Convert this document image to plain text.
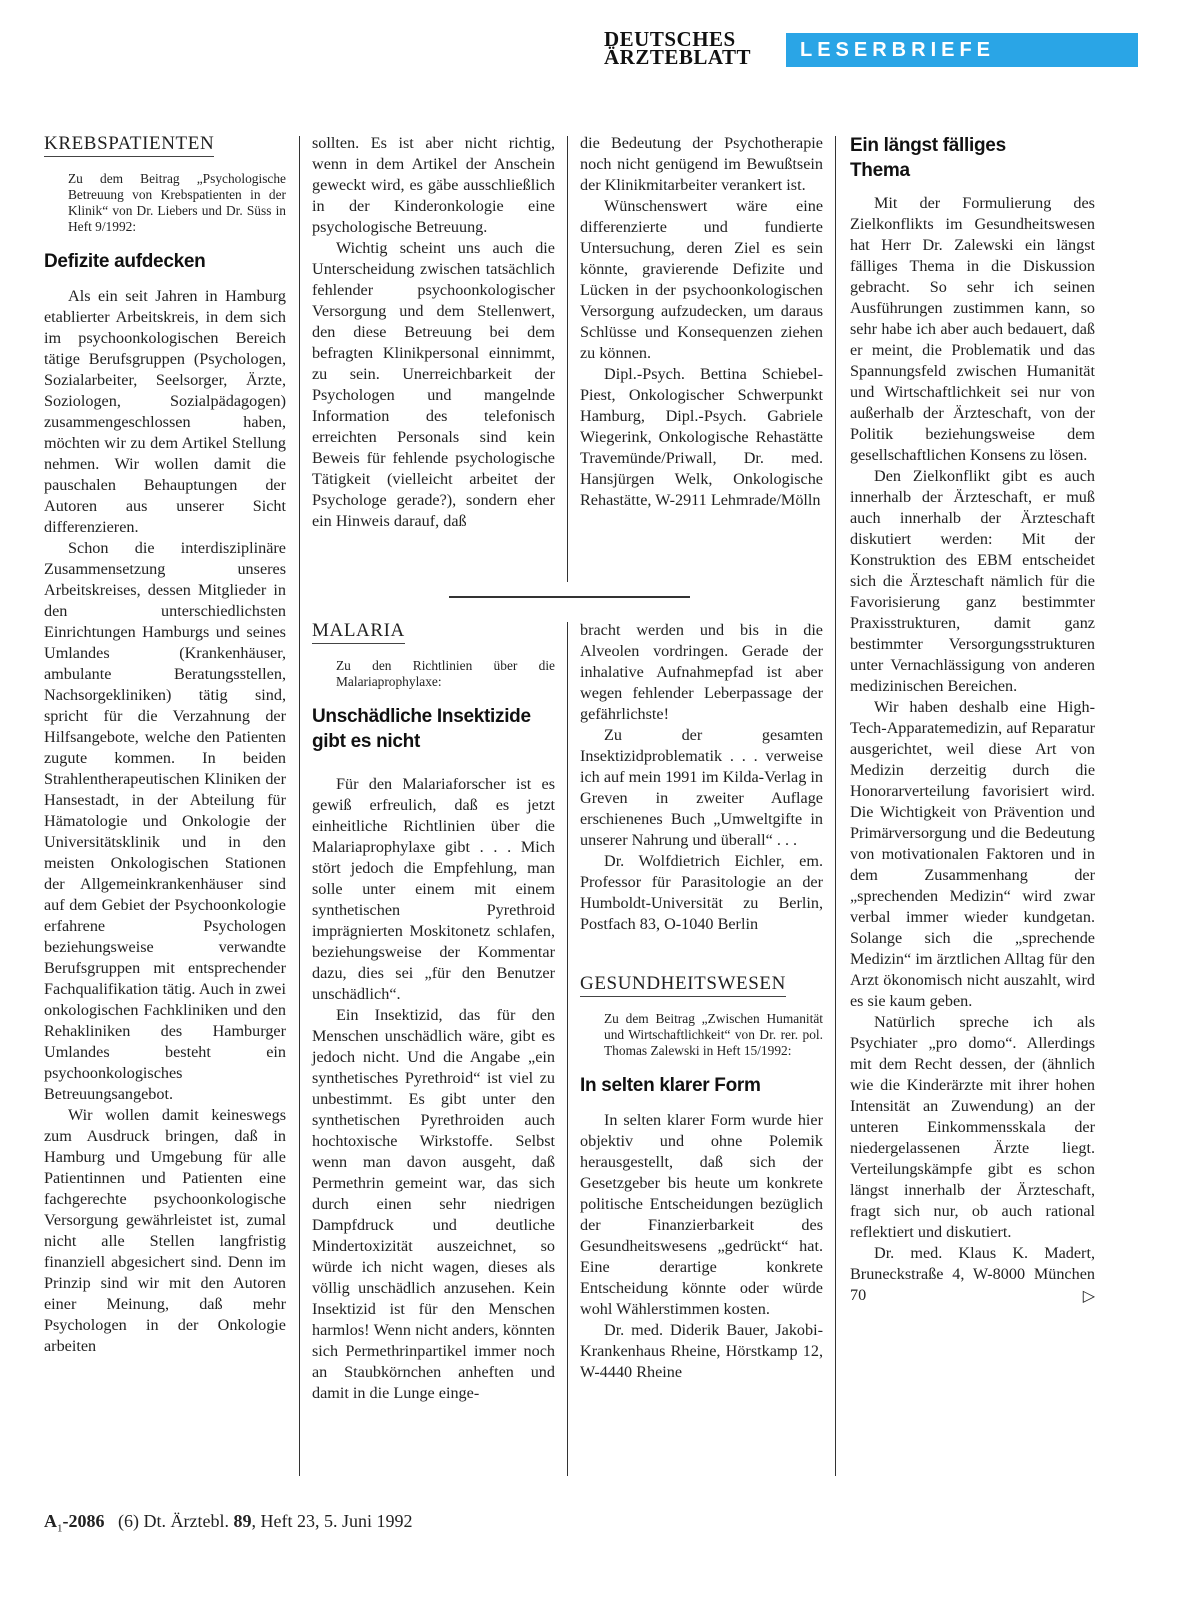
DEUTSCHES
ÄRZTEBLATT	LESERBRIEFE
KREBSPATIENTEN
Zu dem Beitrag „Psychologische Betreuung von Krebspatienten in der Klinik“ von Dr. Liebers und Dr. Süss in Heft 9/1992:
Defizite aufdecken

Als ein seit Jahren in Hamburg etablierter Arbeitskreis, in dem sich im psychoonkologischen Bereich tätige Berufsgruppen (Psychologen, Sozialarbeiter, Seelsorger, Ärzte, Soziologen, Sozialpädagogen) zusammengeschlossen haben, möchten wir zu dem Artikel Stellung nehmen. Wir wollen damit die pauschalen Behauptungen der Autoren aus unserer Sicht differenzieren.

Schon die interdisziplinäre Zusammensetzung unseres Arbeitskreises, dessen Mitglieder in den unterschiedlichsten Einrichtungen Hamburgs und seines Umlandes (Krankenhäuser, ambulante Beratungsstellen, Nachsorgekliniken) tätig sind, spricht für die Verzahnung der Hilfsangebote, welche den Patienten zugute kommen. In beiden Strahlentherapeutischen Kliniken der Hansestadt, in der Abteilung für Hämatologie und Onkologie der Universitätsklinik und in den meisten Onkologischen Stationen der Allgemeinkrankenhäuser sind auf dem Gebiet der Psychoonkologie erfahrene Psychologen beziehungsweise verwandte Berufsgruppen mit entsprechender Fachqualifikation tätig. Auch in zwei onkologischen Fachkliniken und den Rehakliniken des Hamburger Umlandes besteht ein psychoonkologisches Betreuungsangebot.

Wir wollen damit keineswegs zum Ausdruck bringen, daß in Hamburg und Umgebung für alle Patientinnen und Patienten eine fachgerechte psychoonkologische Versorgung gewährleistet ist, zumal nicht alle Stellen langfristig finanziell abgesichert sind. Denn im Prinzip sind wir mit den Autoren einer Meinung, daß mehr Psychologen in der Onkologie arbeiten

sollten. Es ist aber nicht richtig, wenn in dem Artikel der Anschein geweckt wird, es gäbe ausschließlich in der Kinderonkologie eine psychologische Betreuung.

Wichtig scheint uns auch die Unterscheidung zwischen tatsächlich fehlender psychoonkologischer Versorgung und dem Stellenwert, den diese Betreuung bei dem befragten Klinikpersonal einnimmt, zu sein. Unerreichbarkeit der Psychologen und mangelnde Information des telefonisch erreichten Personals sind kein Beweis für fehlende psychologische Tätigkeit (vielleicht arbeitet der Psychologe gerade?), sondern eher ein Hinweis darauf, daß

die Bedeutung der Psychotherapie noch nicht genügend im Bewußtsein der Klinikmitarbeiter verankert ist.

Wünschenswert wäre eine differenzierte und fundierte Untersuchung, deren Ziel es sein könnte, gravierende Defizite und Lücken in der psychoonkologischen Versorgung aufzudecken, um daraus Schlüsse und Konsequenzen ziehen zu können.

Dipl.-Psych. Bettina Schiebel-Piest, Onkologischer Schwerpunkt Hamburg, Dipl.-Psych. Gabriele Wiegerink, Onkologische Rehastätte Travemünde/Priwall, Dr. med. Hansjürgen Welk, Onkologische Rehastätte, W-2911 Lehmrade/Mölln

MALARIA
Zu den Richtlinien über die Malariaprophylaxe:
Unschädliche Insektizide
gibt es nicht

Für den Malariaforscher ist es gewiß erfreulich, daß es jetzt einheitliche Richtlinien über die Malariaprophylaxe gibt . . . Mich stört jedoch die Empfehlung, man solle unter einem mit einem synthetischen Pyrethroid imprägnierten Moskitonetz schlafen, beziehungsweise der Kommentar dazu, dies sei „für den Benutzer unschädlich“.

Ein Insektizid, das für den Menschen unschädlich wäre, gibt es jedoch nicht. Und die Angabe „ein synthetisches Pyrethroid“ ist viel zu unbestimmt. Es gibt unter den synthetischen Pyrethroiden auch hochtoxische Wirkstoffe. Selbst wenn man davon ausgeht, daß Permethrin gemeint war, das sich durch einen sehr niedrigen Dampfdruck und deutliche Mindertoxizität auszeichnet, so würde ich nicht wagen, dieses als völlig unschädlich anzusehen. Kein Insektizid ist für den Menschen harmlos! Wenn nicht anders, könnten sich Permethrinpartikel immer noch an Staubkörnchen anheften und damit in die Lunge einge-

bracht werden und bis in die Alveolen vordringen. Gerade der inhalative Aufnahmepfad ist aber wegen fehlender Leberpassage der gefährlichste!

Zu der gesamten Insektizidproblematik . . . verweise ich auf mein 1991 im Kilda-Verlag in Greven in zweiter Auflage erschienenes Buch „Umweltgifte in unserer Nahrung und überall“ . . .

Dr. Wolfdietrich Eichler, em. Professor für Parasitologie an der Humboldt-Universität zu Berlin, Postfach 83, O-1040 Berlin

GESUNDHEITSWESEN
Zu dem Beitrag „Zwischen Humanität und Wirtschaftlichkeit“ von Dr. rer. pol. Thomas Zalewski in Heft 15/1992:
In selten klarer Form

In selten klarer Form wurde hier objektiv und ohne Polemik herausgestellt, daß sich der Gesetzgeber bis heute um konkrete politische Entscheidungen bezüglich der Finanzierbarkeit des Gesundheitswesens „gedrückt“ hat. Eine derartige konkrete Entscheidung könnte oder würde wohl Wählerstimmen kosten.

Dr. med. Diderik Bauer, Jakobi-Krankenhaus Rheine, Hörstkamp 12, W-4440 Rheine

Ein längst fälliges
Thema

Mit der Formulierung des Zielkonflikts im Gesundheitswesen hat Herr Dr. Zalewski ein längst fälliges Thema in die Diskussion gebracht. So sehr ich seinen Ausführungen zustimmen kann, so sehr habe ich aber auch bedauert, daß er meint, die Problematik und das Spannungsfeld zwischen Humanität und Wirtschaftlichkeit sei nur von außerhalb der Ärzteschaft, von der Politik beziehungsweise dem gesellschaftlichen Konsens zu lösen.

Den Zielkonflikt gibt es auch innerhalb der Ärzteschaft, er muß auch innerhalb der Ärzteschaft diskutiert werden: Mit der Konstruktion des EBM entscheidet sich die Ärzteschaft nämlich für die Favorisierung ganz bestimmter Praxisstrukturen, damit ganz bestimmter Versorgungsstrukturen unter Vernachlässigung von anderen medizinischen Bereichen.

Wir haben deshalb eine High-Tech-Apparatemedizin, auf Reparatur ausgerichtet, weil diese Art von Medizin derzeitig durch die Honorarverteilung favorisiert wird. Die Wichtigkeit von Prävention und Primärversorgung und die Bedeutung von motivationalen Faktoren und in dem Zusammenhang der „sprechenden Medizin“ wird zwar verbal immer wieder kundgetan. Solange sich die „sprechende Medizin“ im ärztlichen Alltag für den Arzt ökonomisch nicht auszahlt, wird es sie kaum geben.

Natürlich spreche ich als Psychiater „pro domo“. Allerdings mit dem Recht dessen, der (ähnlich wie die Kinderärzte mit ihrer hohen Intensität an Zuwendung) an der unteren Einkommensskala der niedergelassenen Ärzte liegt. Verteilungskämpfe gibt es schon längst innerhalb der Ärzteschaft, fragt sich nur, ob auch rational reflektiert und diskutiert.

Dr. med. Klaus K. Madert, Bruneckstraße 4, W-8000 München 70	▷

$A_1-2086$ (6) Dt. Ärztebl. 89, Heft 23, 5. Juni 1992
